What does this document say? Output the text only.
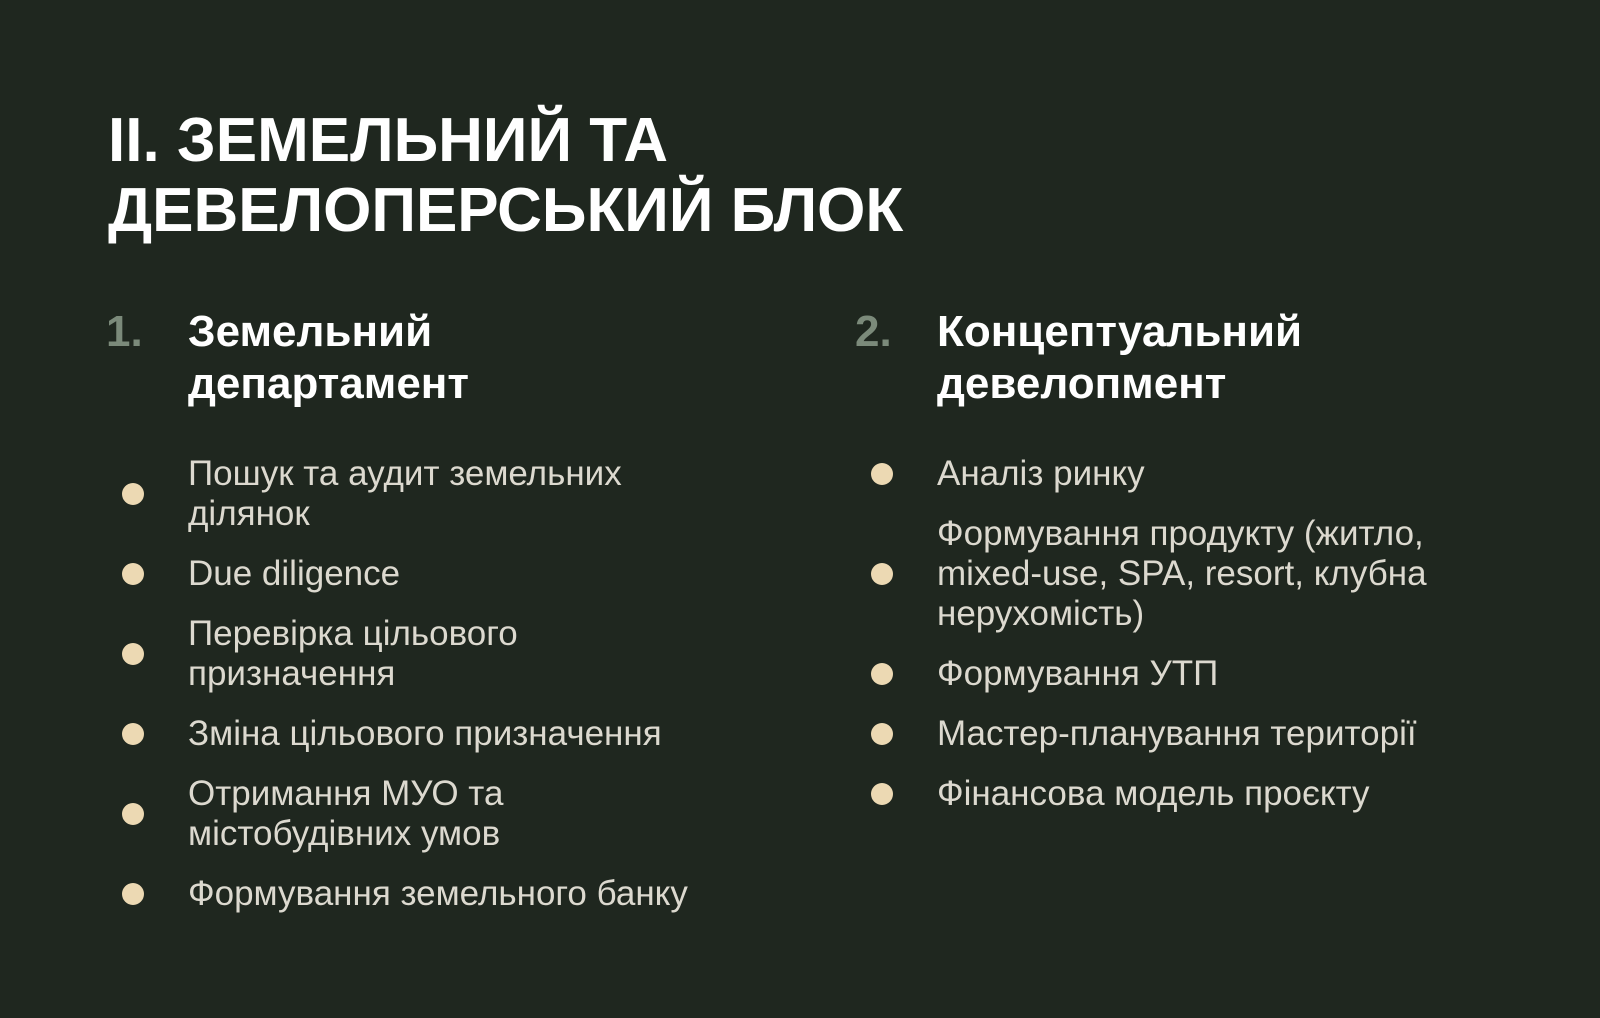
II. ЗЕМЕЛЬНИЙ ТА
ДЕВЕЛОПЕРСЬКИЙ БЛОК
1. Земельний
департамент
Пошук та аудит земельних ділянок
Due diligence
Перевірка цільового призначення
Зміна цільового призначення
Отримання МУО та містобудівних умов
Формування земельного банку
2. Концептуальний
девелопмент
Аналіз ринку
Формування продукту (житло, mixed-use, SPA, resort, клубна нерухомість)
Формування УТП
Мастер-планування території
Фінансова модель проєкту
